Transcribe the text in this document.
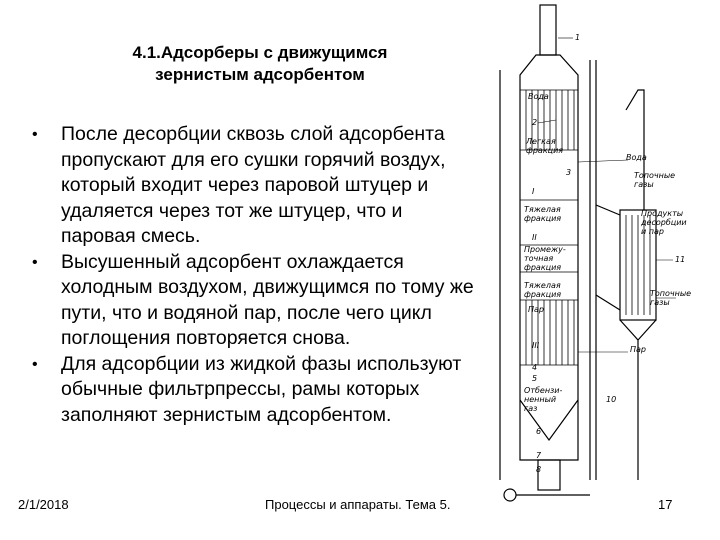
4.1.Адсорберы с движущимся
зернистым адсорбентом
• После десорбции сквозь слой адсорбента пропускают для его сушки горячий воздух, который входит через паровой штуцер и удаляется через тот же штуцер, что и паровая смесь.
• Высушенный адсорбент охлаждается холодным воздухом, движущимся по тому же пути, что и водяной пар, после чего цикл поглощения повторяется снова.
• Для адсорбции из жидкой фазы используют обычные фильтрпрессы, рамы которых заполняют зернистым адсорбентом.
1
Вода
2
Легкая
фракция
3
I
Тяжелая
фракция
II
Промежу-
точная
фракция
Тяжелая
фракция
Пар
III
4
5
Отбензи-
ненный
газ
6
7
8
Вода
Топочные
газы
Продукты
десорбции
и пар
11
Топочные
газы
Пар
10
2/1/2018	Процессы и аппараты. Тема 5.	17
